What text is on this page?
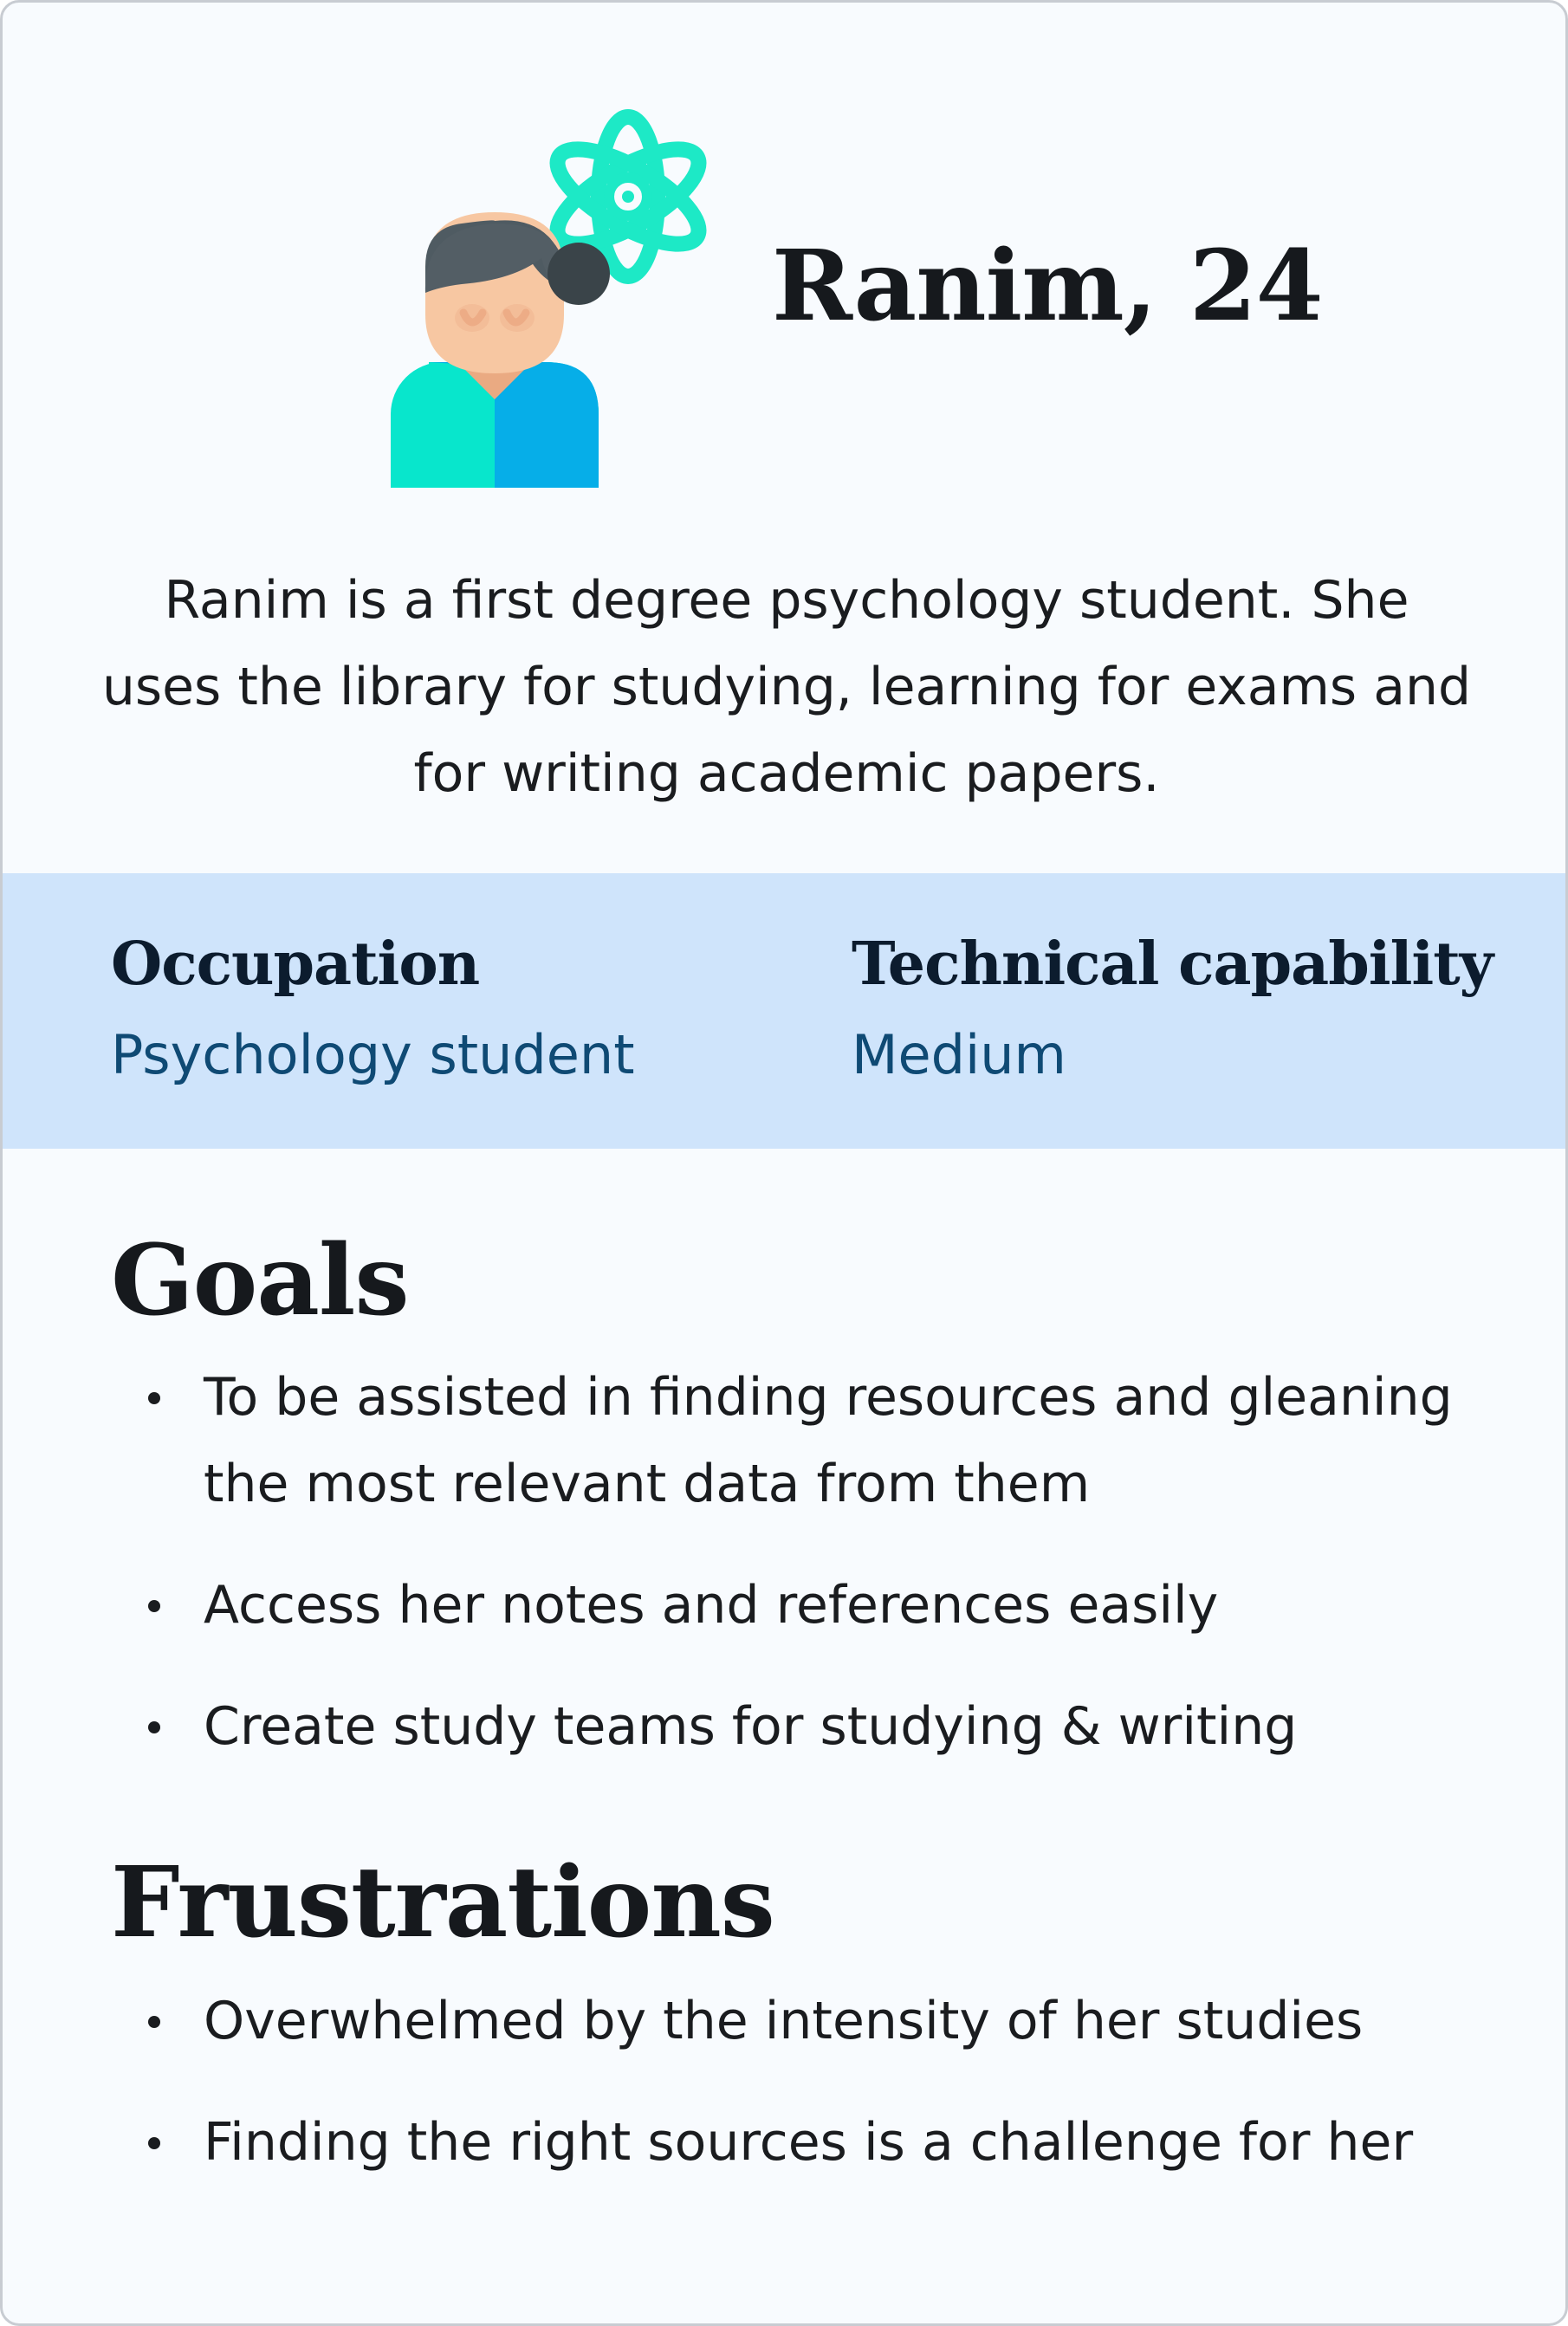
Ranim, 24
Ranim is a first degree psychology student. She uses the library for studying, learning for exams and for writing academic papers.
Occupation
Psychology student
Technical capability
Medium
Goals
To be assisted in finding resources and gleaning the most relevant data from them
Access her notes and references easily
Create study teams for studying & writing
Frustrations
Overwhelmed by the intensity of her studies
Finding the right sources is a challenge for her
